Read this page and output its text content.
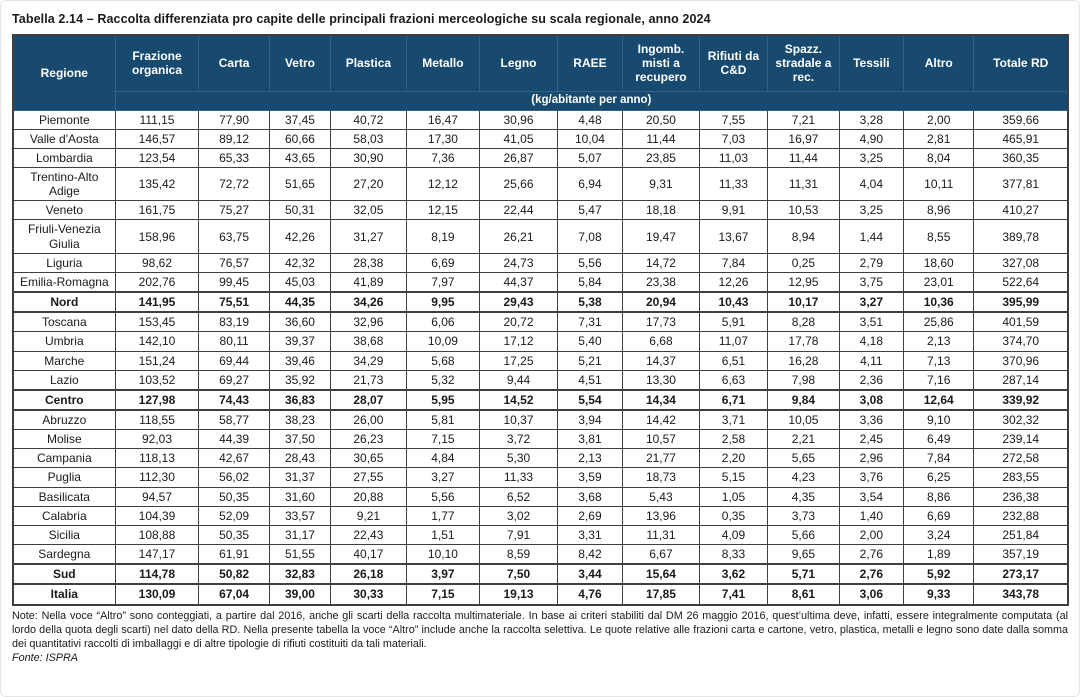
Tabella 2.14 – Raccolta differenziata pro capite delle principali frazioni merceologiche su scala regionale, anno 2024
Regione	Frazione organica	Carta	Vetro	Plastica	Metallo	Legno	RAEE	Ingomb. misti a recupero	Rifiuti da C&D	Spazz. stradale a rec.	Tessili	Altro	Totale RD
	(kg/abitante per anno)												
Piemonte	111,15	77,90	37,45	40,72	16,47	30,96	4,48	20,50	7,55	7,21	3,28	2,00	359,66
Valle d'Aosta	146,57	89,12	60,66	58,03	17,30	41,05	10,04	11,44	7,03	16,97	4,90	2,81	465,91
Lombardia	123,54	65,33	43,65	30,90	7,36	26,87	5,07	23,85	11,03	11,44	3,25	8,04	360,35
Trentino-Alto Adige	135,42	72,72	51,65	27,20	12,12	25,66	6,94	9,31	11,33	11,31	4,04	10,11	377,81
Veneto	161,75	75,27	50,31	32,05	12,15	22,44	5,47	18,18	9,91	10,53	3,25	8,96	410,27
Friuli-Venezia Giulia	158,96	63,75	42,26	31,27	8,19	26,21	7,08	19,47	13,67	8,94	1,44	8,55	389,78
Liguria	98,62	76,57	42,32	28,38	6,69	24,73	5,56	14,72	7,84	0,25	2,79	18,60	327,08
Emilia-Romagna	202,76	99,45	45,03	41,89	7,97	44,37	5,84	23,38	12,26	12,95	3,75	23,01	522,64
Nord	141,95	75,51	44,35	34,26	9,95	29,43	5,38	20,94	10,43	10,17	3,27	10,36	395,99
Toscana	153,45	83,19	36,60	32,96	6,06	20,72	7,31	17,73	5,91	8,28	3,51	25,86	401,59
Umbria	142,10	80,11	39,37	38,68	10,09	17,12	5,40	6,68	11,07	17,78	4,18	2,13	374,70
Marche	151,24	69,44	39,46	34,29	5,68	17,25	5,21	14,37	6,51	16,28	4,11	7,13	370,96
Lazio	103,52	69,27	35,92	21,73	5,32	9,44	4,51	13,30	6,63	7,98	2,36	7,16	287,14
Centro	127,98	74,43	36,83	28,07	5,95	14,52	5,54	14,34	6,71	9,84	3,08	12,64	339,92
Abruzzo	118,55	58,77	38,23	26,00	5,81	10,37	3,94	14,42	3,71	10,05	3,36	9,10	302,32
Molise	92,03	44,39	37,50	26,23	7,15	3,72	3,81	10,57	2,58	2,21	2,45	6,49	239,14
Campania	118,13	42,67	28,43	30,65	4,84	5,30	2,13	21,77	2,20	5,65	2,96	7,84	272,58
Puglia	112,30	56,02	31,37	27,55	3,27	11,33	3,59	18,73	5,15	4,23	3,76	6,25	283,55
Basilicata	94,57	50,35	31,60	20,88	5,56	6,52	3,68	5,43	1,05	4,35	3,54	8,86	236,38
Calabria	104,39	52,09	33,57	9,21	1,77	3,02	2,69	13,96	0,35	3,73	1,40	6,69	232,88
Sicilia	108,88	50,35	31,17	22,43	1,51	7,91	3,31	11,31	4,09	5,66	2,00	3,24	251,84
Sardegna	147,17	61,91	51,55	40,17	10,10	8,59	8,42	6,67	8,33	9,65	2,76	1,89	357,19
Sud	114,78	50,82	32,83	26,18	3,97	7,50	3,44	15,64	3,62	5,71	2,76	5,92	273,17
Italia	130,09	67,04	39,00	30,33	7,15	19,13	4,76	17,85	7,41	8,61	3,06	9,33	343,78
Note: Nella voce “Altro” sono conteggiati, a partire dal 2016, anche gli scarti della raccolta multimateriale. In base ai criteri stabiliti dal DM 26 maggio 2016, quest’ultima deve, infatti, essere integralmente computata (al lordo della quota degli scarti) nel dato della RD. Nella presente tabella la voce “Altro” include anche la raccolta selettiva. Le quote relative alle frazioni carta e cartone, vetro, plastica, metalli e legno sono date dalla somma dei quantitativi raccolti di imballaggi e di altre tipologie di rifiuti costituiti da tali materiali.
Fonte: ISPRA
